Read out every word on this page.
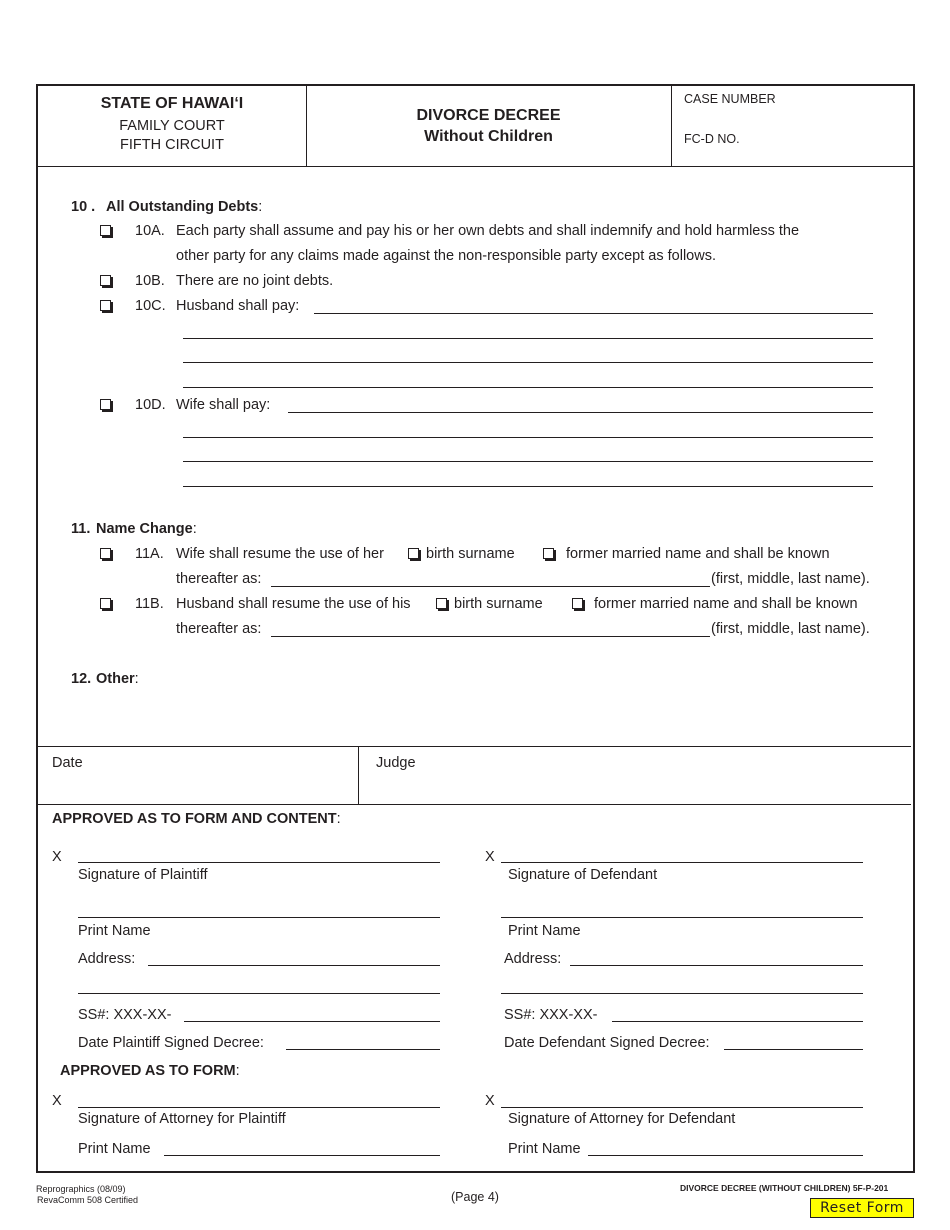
STATE OF HAWAI‘I
FAMILY COURT
FIFTH CIRCUIT
DIVORCE DECREE
Without Children
CASE NUMBER
FC-D NO.
10 . All Outstanding Debts:
10A. Each party shall assume and pay his or her own debts and shall indemnify and hold harmless the
other party for any claims made against the non-responsible party except as follows.
10B. There are no joint debts.
10C. Husband shall pay:
10D. Wife shall pay:
11. Name Change:
11A. Wife shall resume the use of her	birth surname	former married name and shall be known
thereafter as:	(first, middle, last name).
11B. Husband shall resume the use of his	birth surname	former married name and shall be known
thereafter as:	(first, middle, last name).
12. Other:
Date	Judge
APPROVED AS TO FORM AND CONTENT:
X
Signature of Plaintiff
Print Name
Address:
SS#: XXX-XX-
Date Plaintiff Signed Decree:
X
Signature of Defendant
Print Name
Address:
SS#: XXX-XX-
Date Defendant Signed Decree:
APPROVED AS TO FORM:
X
Signature of Attorney for Plaintiff
Print Name
X
Signature of Attorney for Defendant
Print Name
Reprographics (08/09)
RevaComm 508 Certified	(Page 4)
DIVORCE DECREE (WITHOUT CHILDREN) 5F-P-201
Reset Form
